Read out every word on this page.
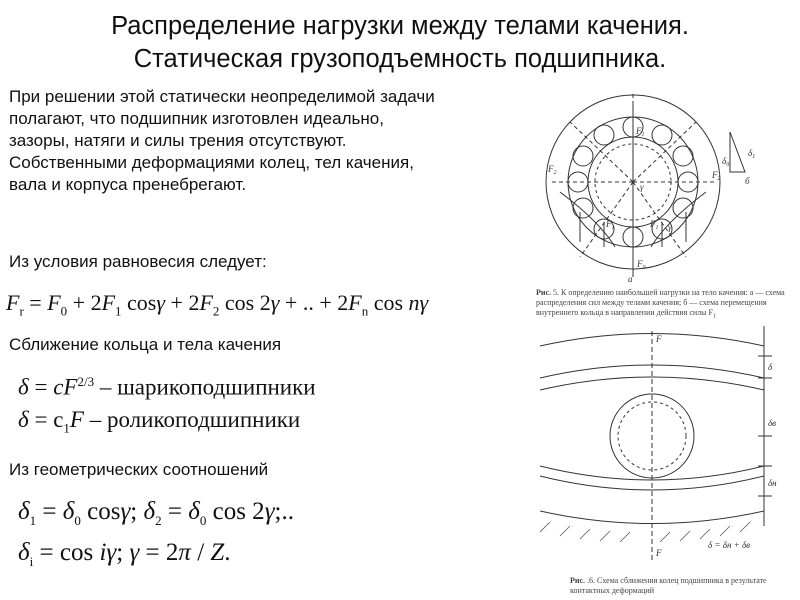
Распределение нагрузки между телами качения.
Статическая грузоподъемность подшипника.
При решении этой статически неопределимой задачи полагают, что подшипник изготовлен идеально, зазоры, натяги и силы трения отсутствуют. Собственными деформациями колец, тел качения, вала и корпуса пренебрегают.
Из условия равновесия следует:
$F_r = F_0 + 2F_1$ $\cos\gamma + 2F_2$ cos 2γ + .. + $2F_n$ cos nγ
Сближение кольца и тела качения
$\delta = cF^{2/3}$ – шарикоподшипники
$\delta = c_1F$ – роликоподшипники
Из геометрических соотношений
$\delta_1 = \delta_0$ cosγ; $\delta_2 = \delta_0$ cos 2γ;..
$\delta_i = \cos i\gamma$; γ = 2π / Z.
$F_1$
$F_2$	$F_2$
$F_1$	$F_1$
$F_0$
γ
γ
а
б
$\delta_1$
$\delta_0$
Рис. 5. К определению наибольшей нагрузки на тело качения: а — схема распределения сил между телами качения; б — схема перемещения внутреннего кольца в направлении действия силы $F_1$
F
F
δ
δв
δн
δ = δн + δв
Рис. .6. Схема сближения колец подшипника в результате контактных деформаций
